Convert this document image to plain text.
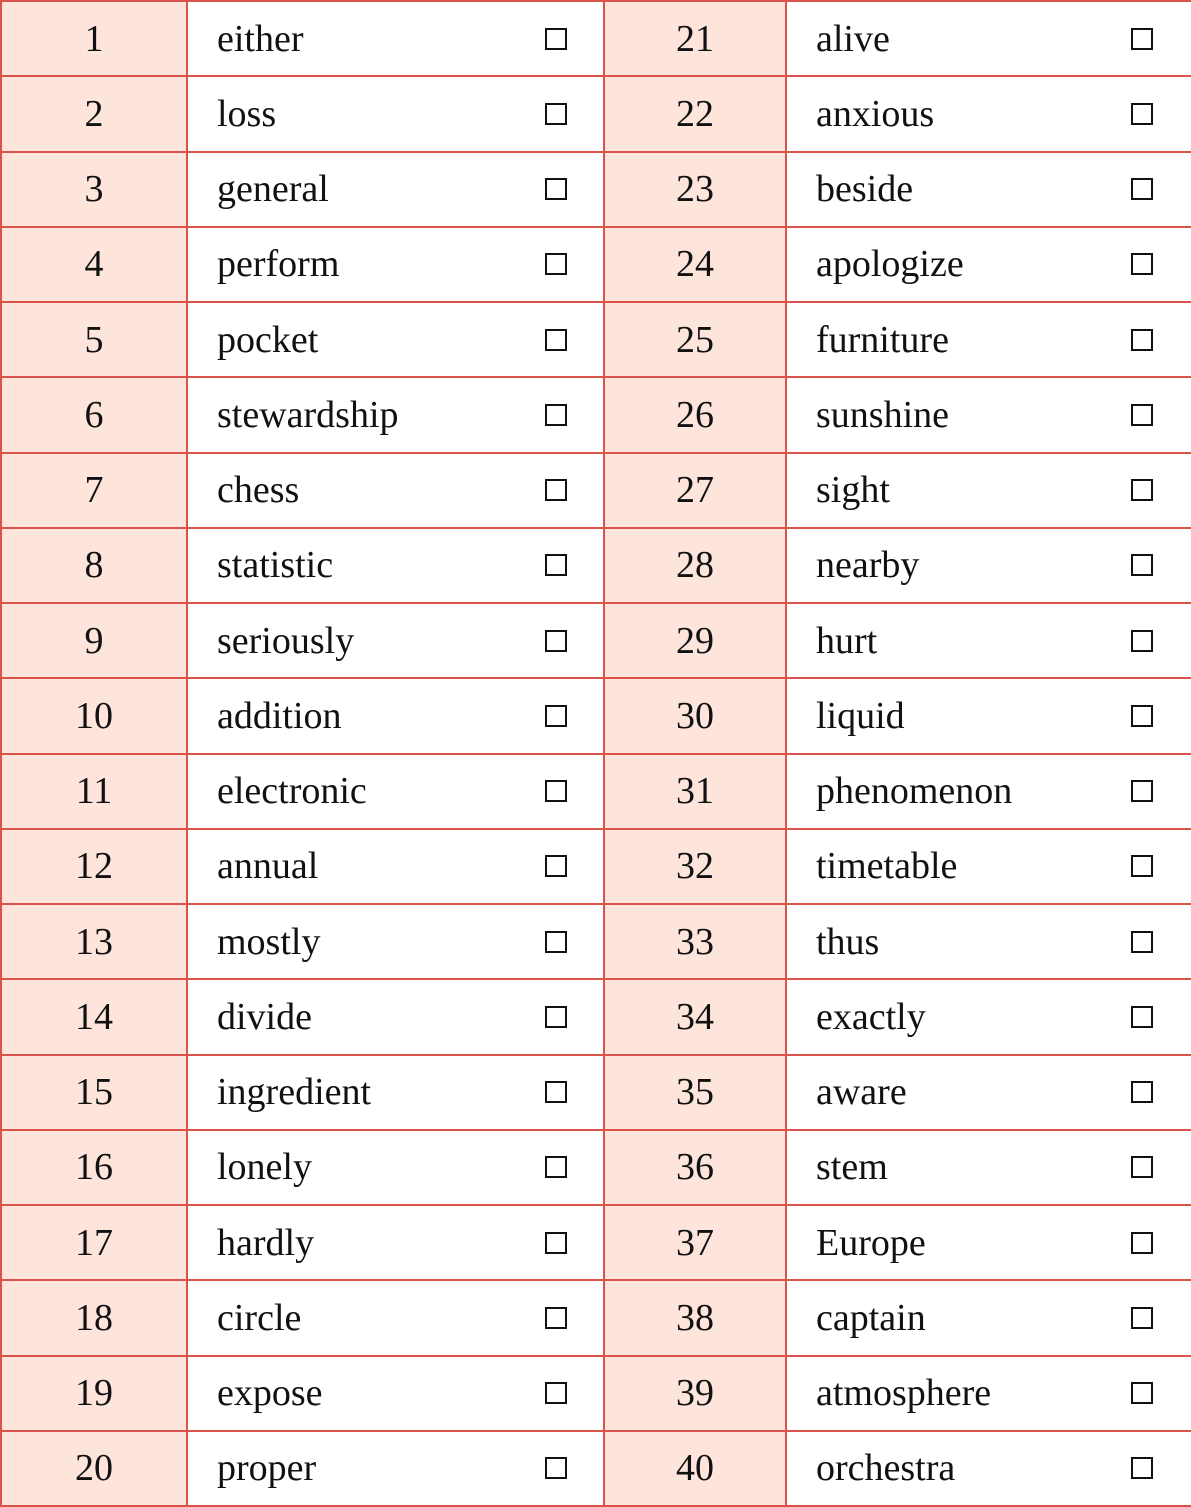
1	either	21	alive

2	loss	22	anxious

3	general	23	beside

4	perform	24	apologize

5	pocket	25	furniture

6	stewardship	26	sunshine

7	chess	27	sight

8	statistic	28	nearby

9	seriously	29	hurt

10	addition	30	liquid

11	electronic	31	phenomenon

12	annual	32	timetable

13	mostly	33	thus

14	divide	34	exactly

15	ingredient	35	aware

16	lonely	36	stem

17	hardly	37	Europe

18	circle	38	captain

19	expose	39	atmosphere

20	proper	40	orchestra
